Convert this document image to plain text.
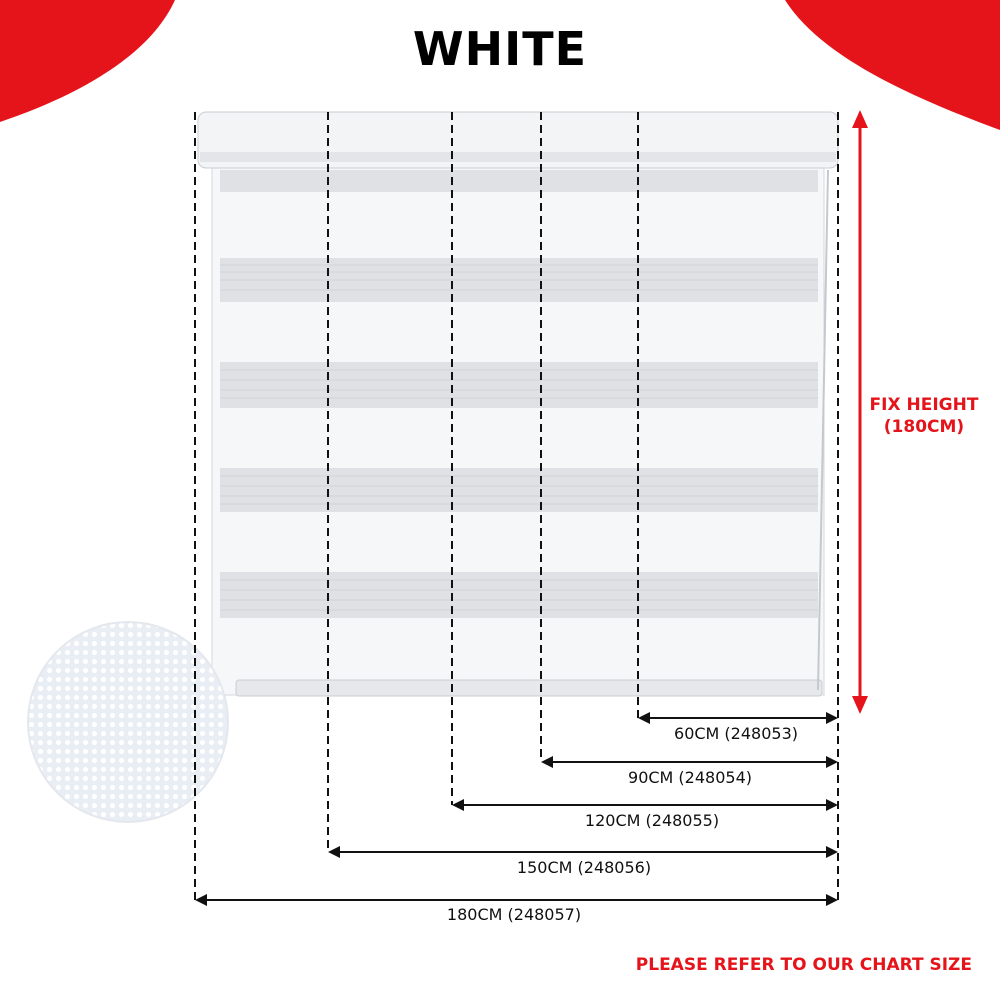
WHITE
FIX HEIGHT
(180CM)
60CM (248053)
90CM (248054)
120CM (248055)
150CM (248056)
180CM (248057)
PLEASE REFER TO OUR CHART SIZE
